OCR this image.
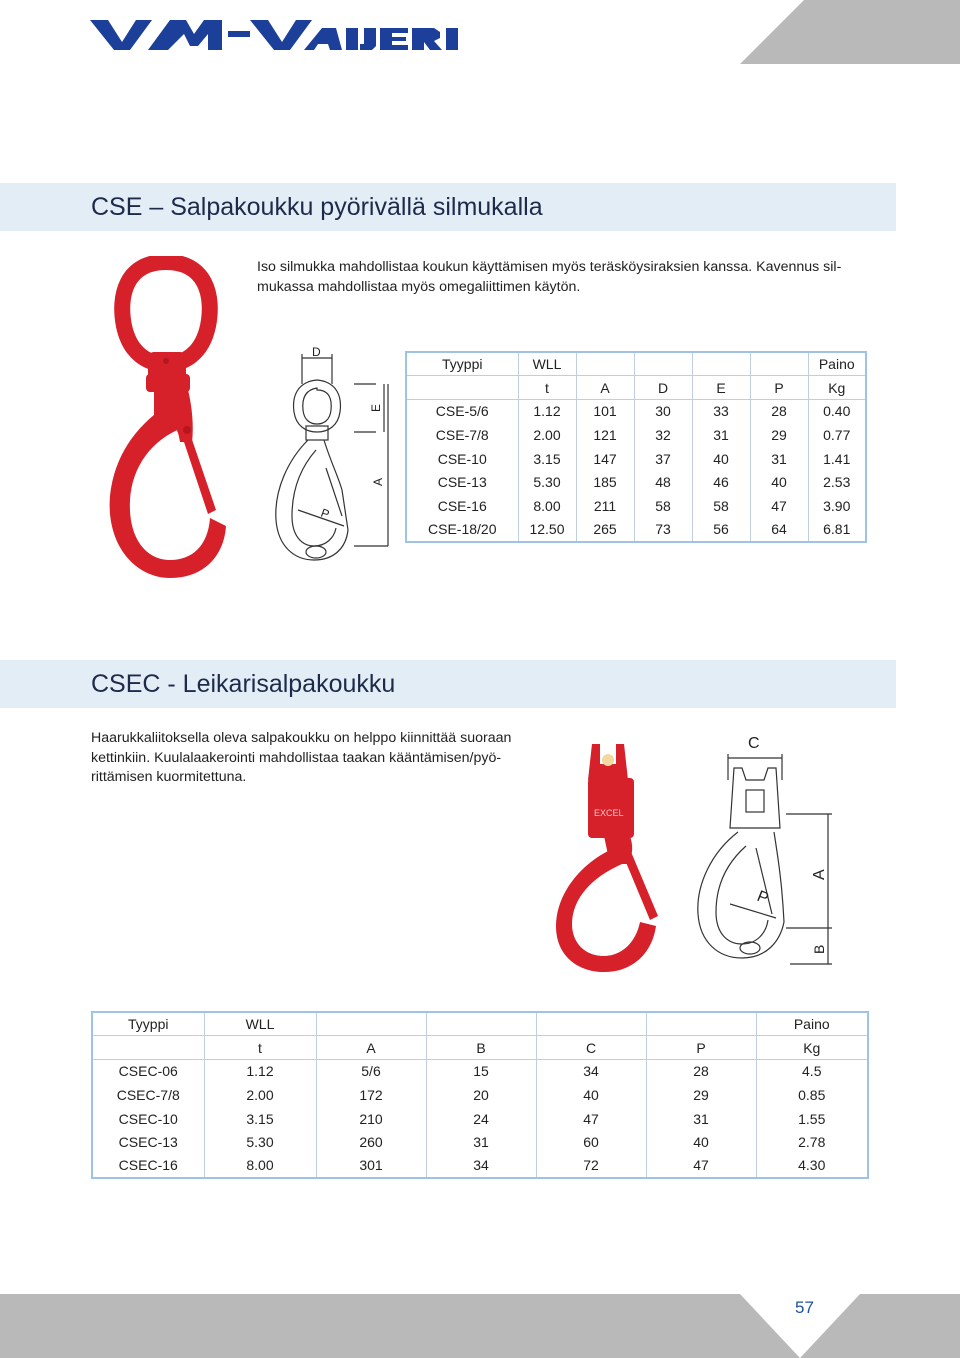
VM-VAIJERI
CSE – Salpakoukku pyörivällä silmukalla
Iso silmukka mahdollistaa koukun käyttämisen myös teräsköysiraksien kanssa. Kavennus sil-
mukassa mahdollistaa myös omegaliittimen käytön.
D
E
A
P
Tyyppi	WLL					Paino
	t	A	D	E	P	Kg
CSE-5/6	1.12	101	30	33	28	0.40
CSE-7/8	2.00	121	32	31	29	0.77
CSE-10	3.15	147	37	40	31	1.41
CSE-13	5.30	185	48	46	40	2.53
CSE-16	8.00	211	58	58	47	3.90
CSE-18/20	12.50	265	73	56	64	6.81
CSEC - Leikarisalpakoukku
Haarukkaliitoksella oleva salpakoukku on helppo kiinnittää suoraan
kettinkiin. Kuulalaakerointi mahdollistaa taakan kääntämisen/pyö-
rittämisen kuormitettuna.
EXCEL
C
A
P
B
Tyyppi	WLL					Paino
	t	A	B	C	P	Kg
CSEC-06	1.12	5/6	15	34	28	4.5
CSEC-7/8	2.00	172	20	40	29	0.85
CSEC-10	3.15	210	24	47	31	1.55
CSEC-13	5.30	260	31	60	40	2.78
CSEC-16	8.00	301	34	72	47	4.30
57
